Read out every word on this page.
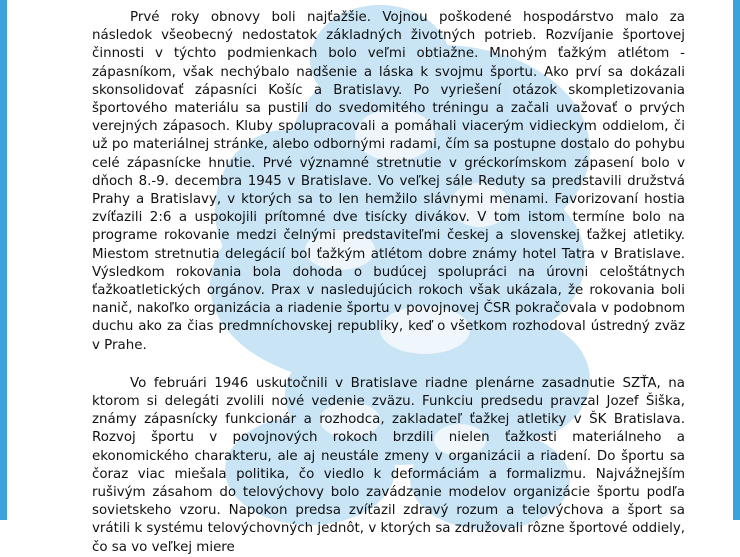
Prvé roky obnovy boli najťažšie. Vojnou poškodené hospodárstvo malo za následok všeobecný nedostatok základných životných potrieb. Rozvíjanie športovej činnosti v týchto podmienkach bolo veľmi obtiažne. Mnohým ťažkým atlétom - zápasníkom, však nechýbalo nadšenie a láska k svojmu športu. Ako prví sa dokázali skonsolidovať zápasníci Košíc a Bratislavy. Po vyriešení otázok skompletizovania športového materiálu sa pustili do svedomitého tréningu a začali uvažovať o prvých verejných zápasoch. Kluby spolupracovali a pomáhali viacerým vidieckym oddielom, či už po materiálnej stránke, alebo odbornými radami, čím sa postupne dostalo do pohybu celé zápasnícke hnutie. Prvé významné stretnutie v gréckorímskom zápasení bolo v dňoch 8.-9. decembra 1945 v Bratislave. Vo veľkej sále Reduty sa predstavili družstvá Prahy a Bratislavy, v ktorých sa to len hemžilo slávnymi menami. Favorizovaní hostia zvíťazili 2:6 a uspokojili prítomné dve tisícky divákov. V tom istom termíne bolo na programe rokovanie medzi čelnými predstaviteľmi českej a slovenskej ťažkej atletiky. Miestom stretnutia delegácií bol ťažkým atlétom dobre známy hotel Tatra v Bratislave. Výsledkom rokovania bola dohoda o budúcej spolupráci na úrovni celoštátnych ťažkoatletických orgánov. Prax v nasledujúcich rokoch však ukázala, že rokovania boli nanič, nakoľko organizácia a riadenie športu v povojnovej ČSR pokračovala v podobnom duchu ako za čias predmníchovskej republiky, keď o všetkom rozhodoval ústredný zväz v Prahe.

Vo februári 1946 uskutočnili v Bratislave riadne plenárne zasadnutie SZŤA, na ktorom si delegáti zvolili nové vedenie zväzu. Funkciu predsedu pravzal Jozef Šiška, známy zápasnícky funkcionár a rozhodca, zakladateľ ťažkej atletiky v ŠK Bratislava. Rozvoj športu v povojnových rokoch brzdili nielen ťažkosti materiálneho a ekonomického charakteru, ale aj neustále zmeny v organizácii a riadení. Do športu sa čoraz viac miešala politika, čo viedlo k deformáciám a formalizmu. Najvážnejším rušivým zásahom do telovýchovy bolo zavádzanie modelov organizácie športu podľa sovietskeho vzoru. Napokon predsa zvíťazil zdravý rozum a telovýchova a šport sa vrátili k systému telovýchovných jednôt, v ktorých sa združovali rôzne športové oddiely, čo sa vo veľkej miere
